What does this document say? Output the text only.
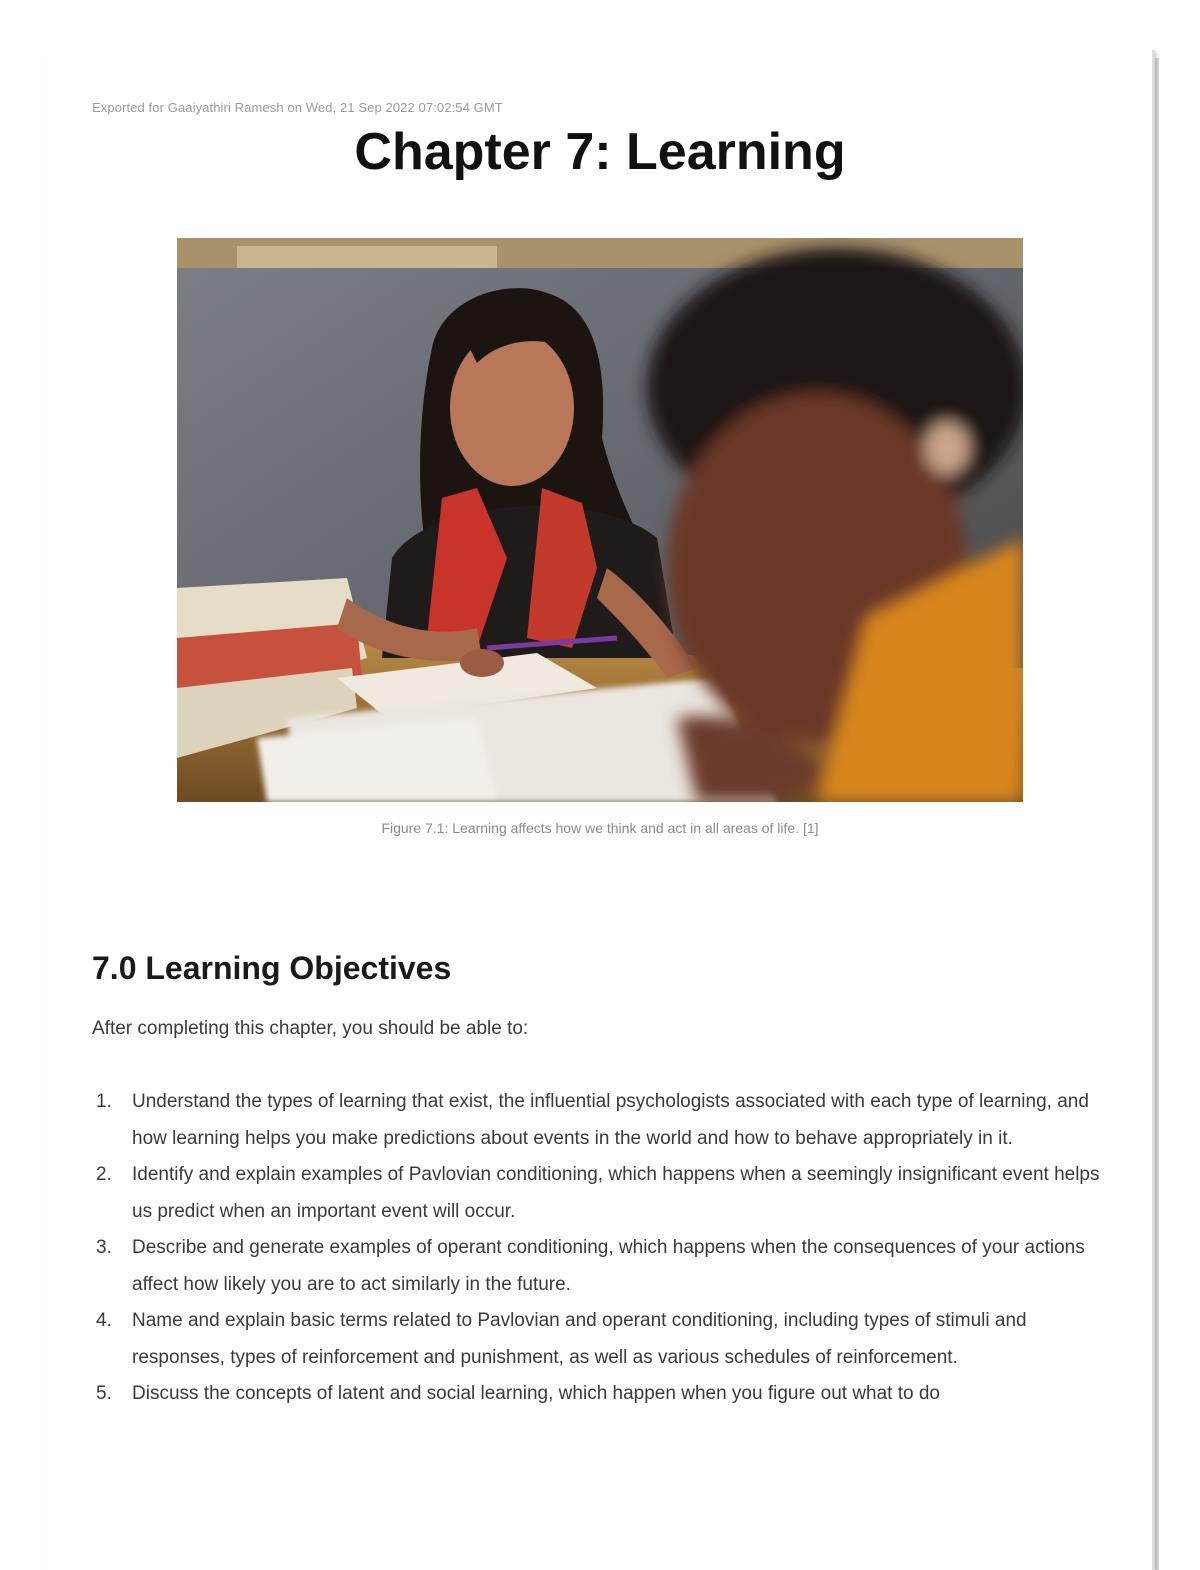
Exported for Gaaiyathiri Ramesh on Wed, 21 Sep 2022 07:02:54 GMT
Chapter 7: Learning
Figure 7.1: Learning affects how we think and act in all areas of life. [1]
7.0 Learning Objectives
After completing this chapter, you should be able to:
1. Understand the types of learning that exist, the influential psychologists associated with each type of learning, and how learning helps you make predictions about events in the world and how to behave appropriately in it.
2. Identify and explain examples of Pavlovian conditioning, which happens when a seemingly insignificant event helps us predict when an important event will occur.
3. Describe and generate examples of operant conditioning, which happens when the consequences of your actions affect how likely you are to act similarly in the future.
4. Name and explain basic terms related to Pavlovian and operant conditioning, including types of stimuli and responses, types of reinforcement and punishment, as well as various schedules of reinforcement.
5. Discuss the concepts of latent and social learning, which happen when you figure out what to do
